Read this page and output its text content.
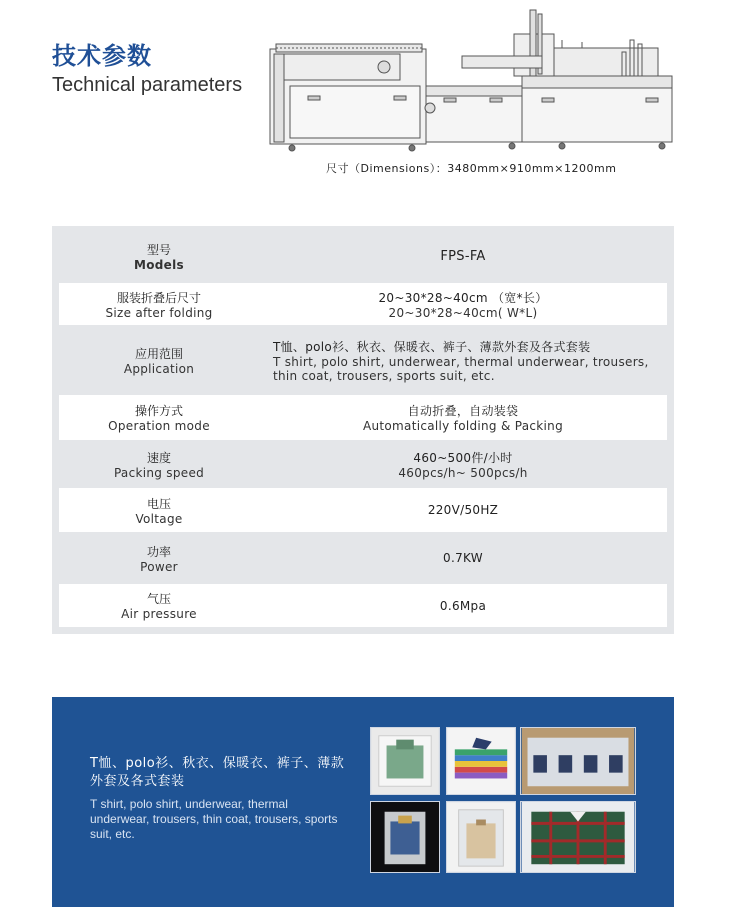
技术参数
Technical parameters
尺寸（Dimensions）：3480mm×910mm×1200mm
型号
Models
FPS-FA
服装折叠后尺寸
Size after folding
20~30*28~40cm （宽*长）
20~30*28~40cm( W*L)
应用范围
Application
T恤、polo衫、秋衣、保暖衣、裤子、薄款外套及各式套装
T shirt, polo shirt, underwear, thermal underwear, trousers, thin coat, trousers, sports suit, etc.
操作方式
Operation mode
自动折叠，自动装袋
Automatically folding & Packing
速度
Packing speed
460~500件/小时
460pcs/h~ 500pcs/h
电压
Voltage
220V/50HZ
功率
Power
0.7KW
气压
Air pressure
0.6Mpa
T恤、polo衫、秋衣、保暖衣、裤子、薄款外套及各式套装
T shirt, polo shirt, underwear, thermal underwear, trousers, thin coat, trousers, sports suit, etc.
